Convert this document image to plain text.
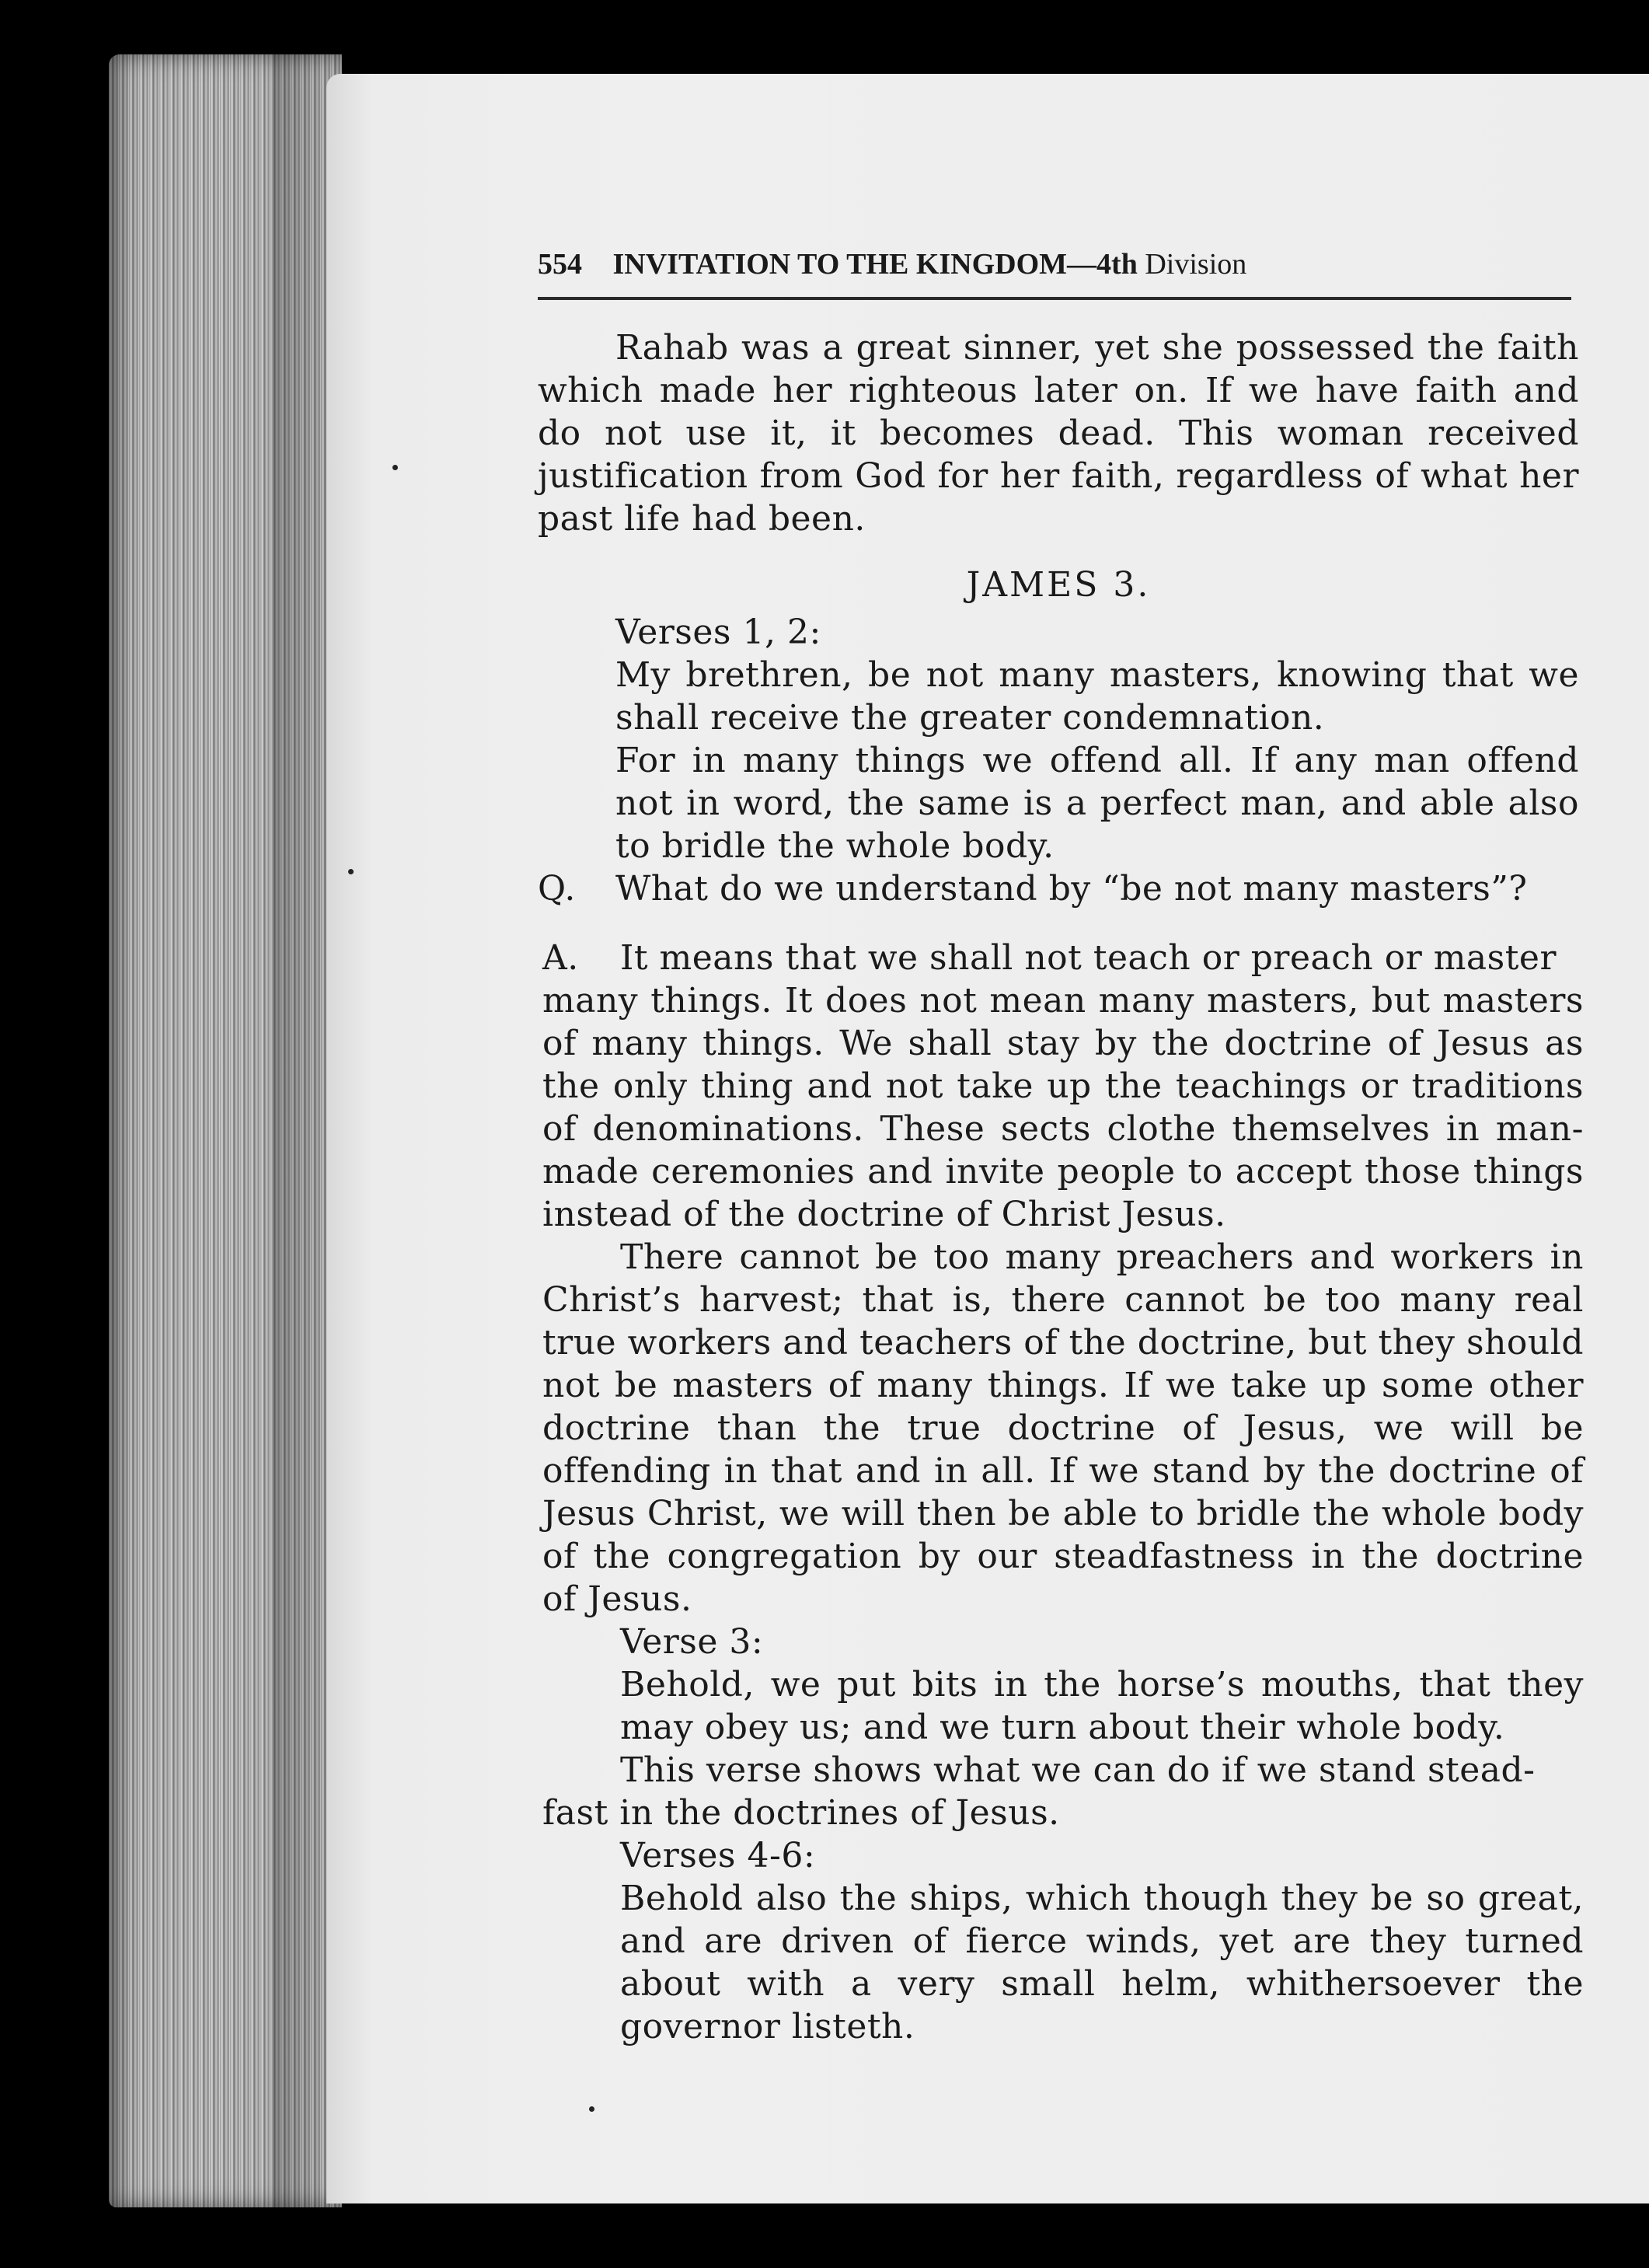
554 INVITATION TO THE KINGDOM—4th Division

Rahab was a great sinner, yet she possessed the faith which made her righteous later on. If we have faith and do not use it, it becomes dead. This woman received justification from God for her faith, regardless of what her past life had been.

JAMES 3.

Verses 1, 2:

My brethren, be not many masters, knowing that we shall receive the greater condemnation.

For in many things we offend all. If any man offend not in word, the same is a perfect man, and able also to bridle the whole body.

Q.	What do we understand by “be not many masters”?
A.	It means that we shall not teach or preach or master

many things. It does not mean many masters, but masters of many things. We shall stay by the doctrine of Jesus as the only thing and not take up the teachings or traditions of denominations. These sects clothe themselves in man-made ceremonies and invite people to accept those things instead of the doctrine of Christ Jesus.

There cannot be too many preachers and workers in Christ’s harvest; that is, there cannot be too many real true workers and teachers of the doctrine, but they should not be masters of many things. If we take up some other doctrine than the true doctrine of Jesus, we will be offending in that and in all. If we stand by the doctrine of Jesus Christ, we will then be able to bridle the whole body of the congregation by our steadfastness in the doctrine of Jesus.

Verse 3:

Behold, we put bits in the horse’s mouths, that they may obey us; and we turn about their whole body.

This verse shows what we can do if we stand stead-

fast in the doctrines of Jesus.

Verses 4-6:

Behold also the ships, which though they be so great, and are driven of fierce winds, yet are they turned about with a very small helm, whithersoever the governor listeth.
